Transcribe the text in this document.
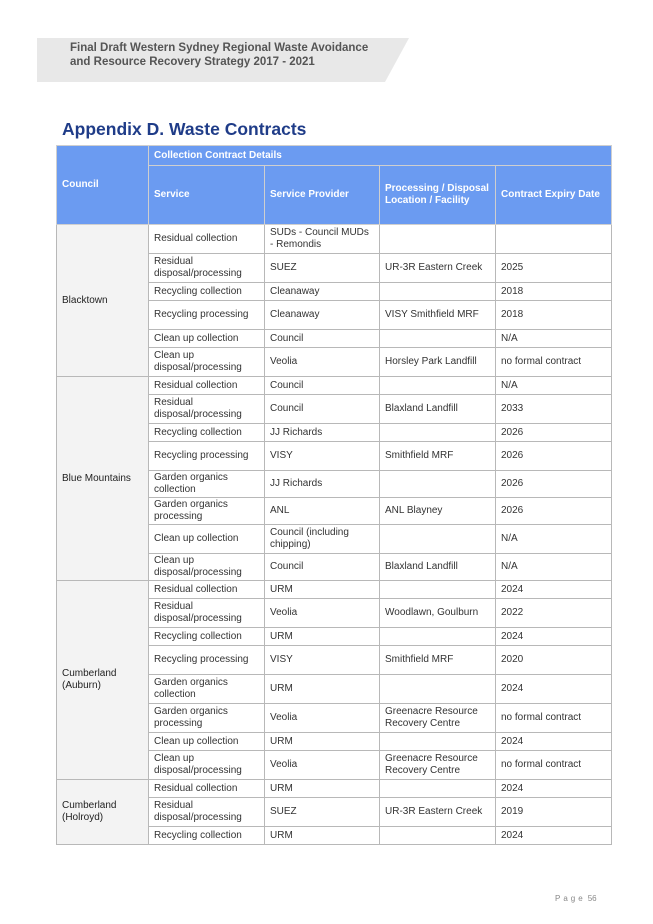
Final Draft Western Sydney Regional Waste Avoidance
and Resource Recovery Strategy 2017 - 2021
Appendix D. Waste Contracts
Council	Collection Contract Details			
	Service	Service Provider	Processing / Disposal Location / Facility	Contract Expiry Date
Blacktown	Residual collection	SUDs - Council MUDs - Remondis		
	Residual disposal/processing	SUEZ	UR-3R Eastern Creek	2025
	Recycling collection	Cleanaway		2018
	Recycling processing	Cleanaway	VISY Smithfield MRF	2018
	Clean up collection	Council		N/A
	Clean up disposal/processing	Veolia	Horsley Park Landfill	no formal contract
Blue Mountains	Residual collection	Council		N/A
	Residual disposal/processing	Council	Blaxland Landfill	2033
	Recycling collection	JJ Richards		2026
	Recycling processing	VISY	Smithfield MRF	2026
	Garden organics collection	JJ Richards		2026
	Garden organics processing	ANL	ANL Blayney	2026
	Clean up collection	Council (including chipping)		N/A
	Clean up disposal/processing	Council	Blaxland Landfill	N/A
Cumberland (Auburn)	Residual collection	URM		2024
	Residual disposal/processing	Veolia	Woodlawn, Goulburn	2022
	Recycling collection	URM		2024
	Recycling processing	VISY	Smithfield MRF	2020
	Garden organics collection	URM		2024
	Garden organics processing	Veolia	Greenacre Resource Recovery Centre	no formal contract
	Clean up collection	URM		2024
	Clean up disposal/processing	Veolia	Greenacre Resource Recovery Centre	no formal contract
Cumberland (Holroyd)	Residual collection	URM		2024
	Residual disposal/processing	SUEZ	UR-3R Eastern Creek	2019
	Recycling collection	URM		2024
Page 56
